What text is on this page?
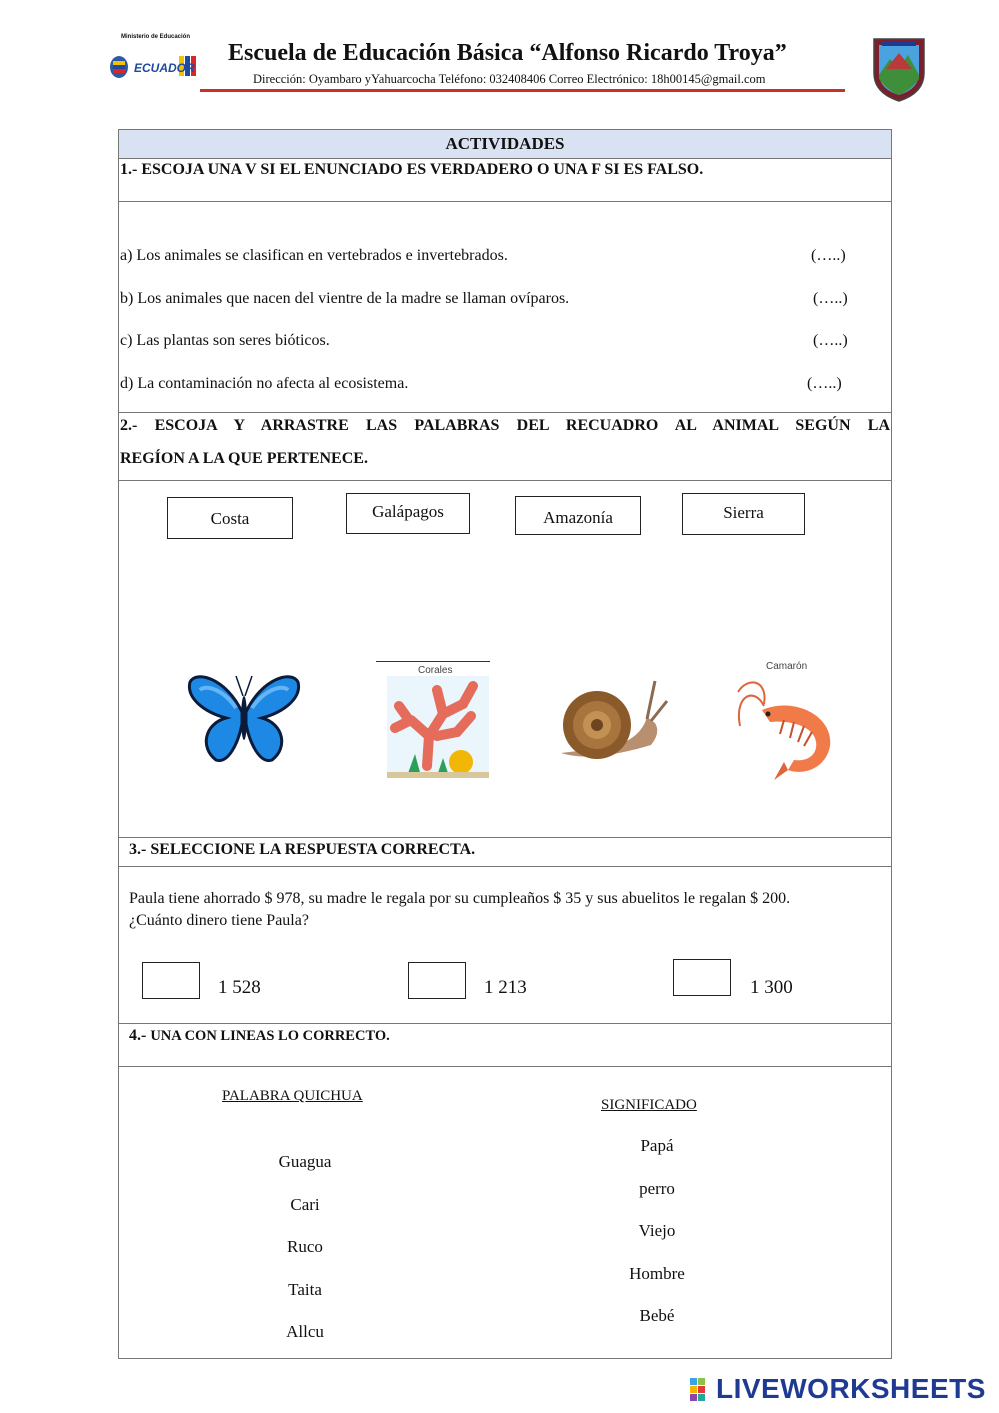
Ministerio de Educación
ECUADOR
Escuela de Educación Básica “Alfonso Ricardo Troya”
Dirección: Oyambaro yYahuarcocha Teléfono: 032408406 Correo Electrónico: 18h00145@gmail.com
ACTIVIDADES
1.- ESCOJA UNA V SI EL ENUNCIADO ES VERDADERO O UNA F SI ES FALSO.
a) Los animales se clasifican en vertebrados e invertebrados.	(…..)
b) Los animales que nacen del vientre de la madre se llaman ovíparos.	(…..)
c) Las plantas son seres bióticos.	(…..)
d) La contaminación no afecta al ecosistema.	(…..)
2.- ESCOJA Y ARRASTRE LAS PALABRAS DEL RECUADRO AL ANIMAL SEGÚN LA
REGÍON A LA QUE PERTENECE.
Costa	Galápagos	Amazonía	Sierra
Corales	Camarón
3.- SELECCIONE LA RESPUESTA CORRECTA.
Paula tiene ahorrado $ 978, su madre le regala por su cumpleaños $ 35 y sus abuelitos le regalan $ 200.
¿Cuánto dinero tiene Paula?
1 528	1 213	1 300
4.- UNA CON LINEAS LO CORRECTO.
PALABRA QUICHUA
SIGNIFICADO
Guagua
Cari
Ruco
Taita
Allcu
Papá
perro
Viejo
Hombre
Bebé
LIVEWORKSHEETS
